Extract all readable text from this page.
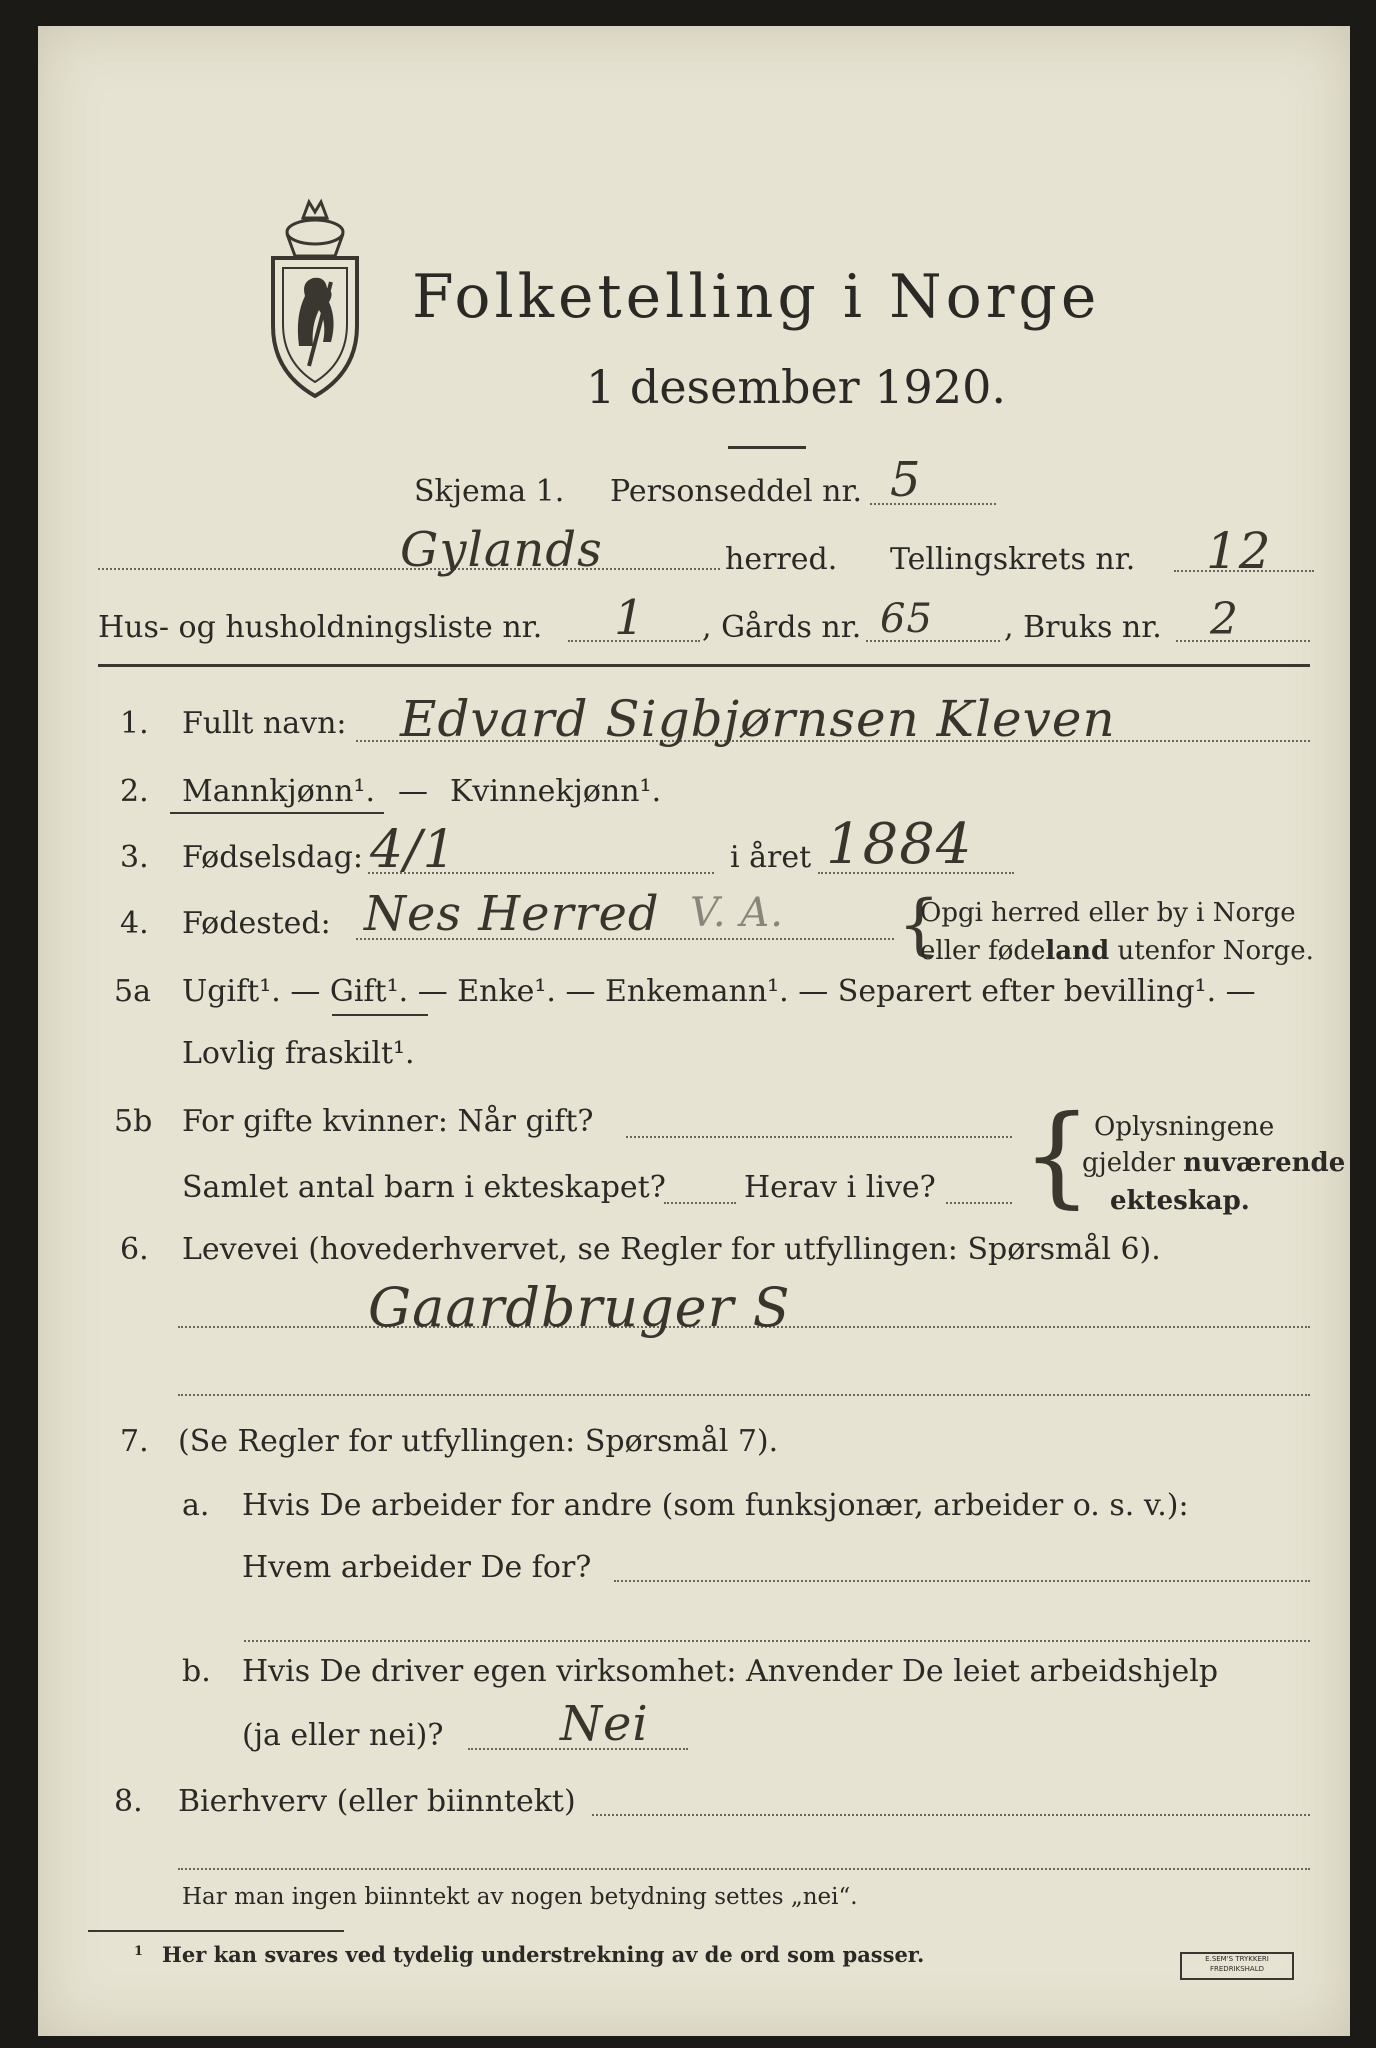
Folketelling i Norge
1 desember 1920.
Skjema 1. Personseddel nr. 5
Gylands	herred. Tellingskrets nr. 12
Hus- og husholdningsliste nr. 1 , Gårds nr. 65 , Bruks nr. 2
1. Fullt navn: Edvard Sigbjørnsen Kleven
2. Mannkjønn¹. — Kvinnekjønn¹.
3. Fødselsdag: 4/1	i året 1884
4. Fødested: Nes Herred V. A. {
Opgi herred eller by i Norge
eller fødeland utenfor Norge.
5a Ugift¹. — Gift¹. — Enke¹. — Enkemann¹. — Separert efter bevilling¹. —
Lovlig fraskilt¹.
5b For gifte kvinner: Når gift?
Samlet antal barn i ekteskapet?	Herav i live? { Oplysningene
gjelder nuværende
ekteskap.
6. Levevei (hovederhvervet, se Regler for utfyllingen: Spørsmål 6).
Gaardbruger S
7. (Se Regler for utfyllingen: Spørsmål 7).
a. Hvis De arbeider for andre (som funksjonær, arbeider o. s. v.):
Hvem arbeider De for?
b. Hvis De driver egen virksomhet: Anvender De leiet arbeidshjelp
(ja eller nei)? Nei
8. Bierhverv (eller biinntekt)
Har man ingen biinntekt av nogen betydning settes „nei“.
1 Her kan svares ved tydelig understrekning av de ord som passer.	E.SEM'S TRYKKERI FREDRIKSHALD
